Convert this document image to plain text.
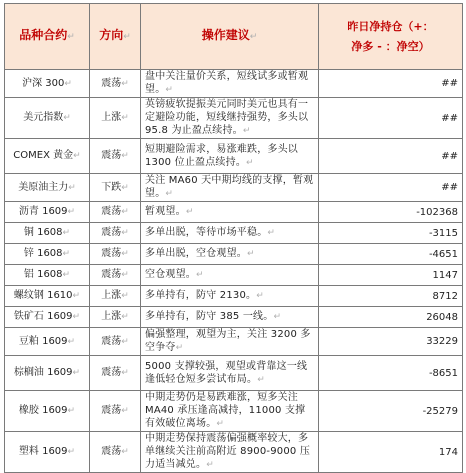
品种合约↵	方向↵	操作建议↵	昨日净持仓（+：
净多 - ：净空）

沪深 300↵	震荡↵	盘中关注量价关系，短线试多或暂观望。↵	##
美元指数↵	上涨↵	英镑疲软提振美元同时美元也具有一定避险功能，短线继持强势，多头以 95.8 为止盈点续持。↵	##
COMEX 黄金↵	震荡↵	短期避险需求，易涨难跌，多头以 1300 位止盈点续持。↵	##
美原油主力↵	下跌↵	关注 MA60 天中期均线的支撑，暂观望。↵	##
沥青 1609↵	震荡↵	暂观望。↵	-102368
铜 1608↵	震荡↵	多单出脱，等待市场平稳。↵	-3115
锌 1608↵	震荡↵	多单出脱，空仓观望。↵	-4651
铝 1608↵	震荡↵	空仓观望。↵	1147
螺纹钢 1610↵	上涨↵	多单持有，防守 2130。↵	8712
铁矿石 1609↵	上涨↵	多单持有，防守 385 一线。↵	26048
豆粕 1609↵	震荡↵	偏强整理，观望为主，关注 3200 多空争夺↵	33229
棕榈油 1609↵	震荡↵	5000 支撑较强，观望或背靠这一线逢低轻仓短多尝试布局。↵	-8651
橡胶 1609↵	震荡↵	中期走势仍是易跌难涨，短多关注 MA40 承压逢高减持，11000 支撑有效破位离场。↵	-25279
塑料 1609↵	震荡↵	中期走势保持震荡偏强概率较大，多单继续关注前高附近 8900-9000 压力适当减兑。↵	174
